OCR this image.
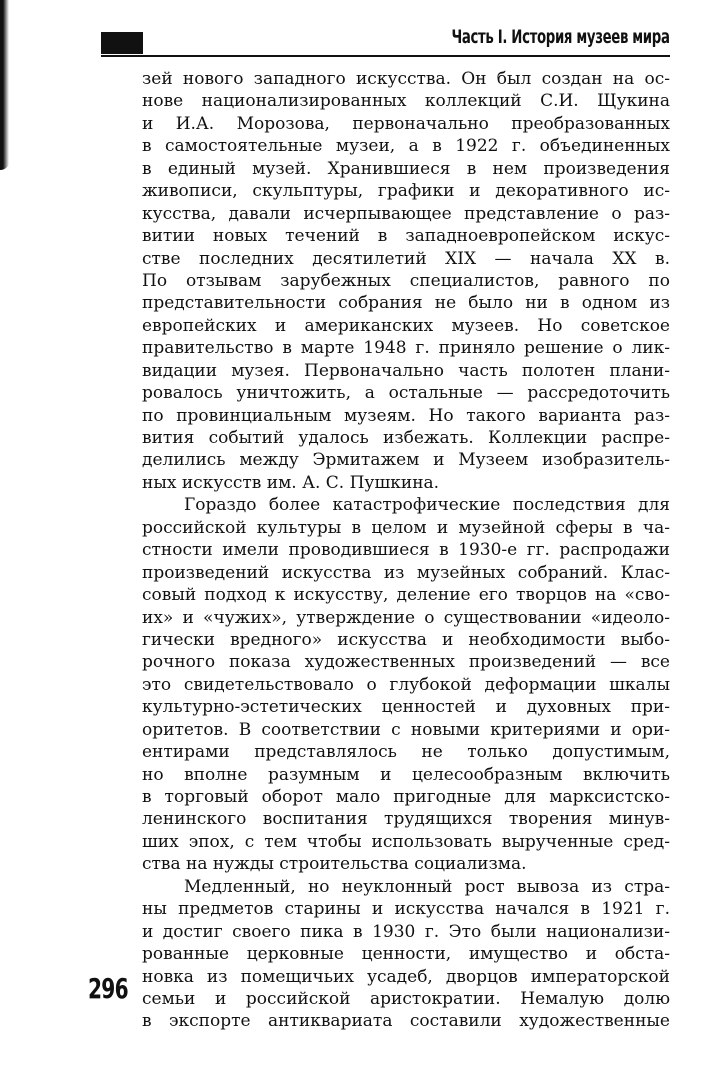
Часть I. История музеев мира
зей нового западного искусства. Он был создан на ос-
нове национализированных коллекций С.И. Щукина
и И.А. Морозова, первоначально преобразованных
в самостоятельные музеи, а в 1922 г. объединенных
в единый музей. Хранившиеся в нем произведения
живописи, скульптуры, графики и декоративного ис-
кусства, давали исчерпывающее представление о раз-
витии новых течений в западноевропейском искус-
стве последних десятилетий XIX — начала XX в.
По отзывам зарубежных специалистов, равного по
представительности собрания не было ни в одном из
европейских и американских музеев. Но советское
правительство в марте 1948 г. приняло решение о лик-
видации музея. Первоначально часть полотен плани-
ровалось уничтожить, а остальные — рассредоточить
по провинциальным музеям. Но такого варианта раз-
вития событий удалось избежать. Коллекции распре-
делились между Эрмитажем и Музеем изобразитель-
ных искусств им. А. С. Пушкина.
Гораздо более катастрофические последствия для
российской культуры в целом и музейной сферы в ча-
стности имели проводившиеся в 1930-е гг. распродажи
произведений искусства из музейных собраний. Клас-
совый подход к искусству, деление его творцов на «сво-
их» и «чужих», утверждение о существовании «идеоло-
гически вредного» искусства и необходимости выбо-
рочного показа художественных произведений — все
это свидетельствовало о глубокой деформации шкалы
культурно-эстетических ценностей и духовных при-
оритетов. В соответствии с новыми критериями и ори-
ентирами представлялось не только допустимым,
но вполне разумным и целесообразным включить
в торговый оборот мало пригодные для марксистско-
ленинского воспитания трудящихся творения минув-
ших эпох, с тем чтобы использовать вырученные сред-
ства на нужды строительства социализма.
Медленный, но неуклонный рост вывоза из стра-
ны предметов старины и искусства начался в 1921 г.
и достиг своего пика в 1930 г. Это были национализи-
рованные церковные ценности, имущество и обста-
новка из помещичьих усадеб, дворцов императорской
семьи и российской аристократии. Немалую долю
в экспорте антиквариата составили художественные
296
